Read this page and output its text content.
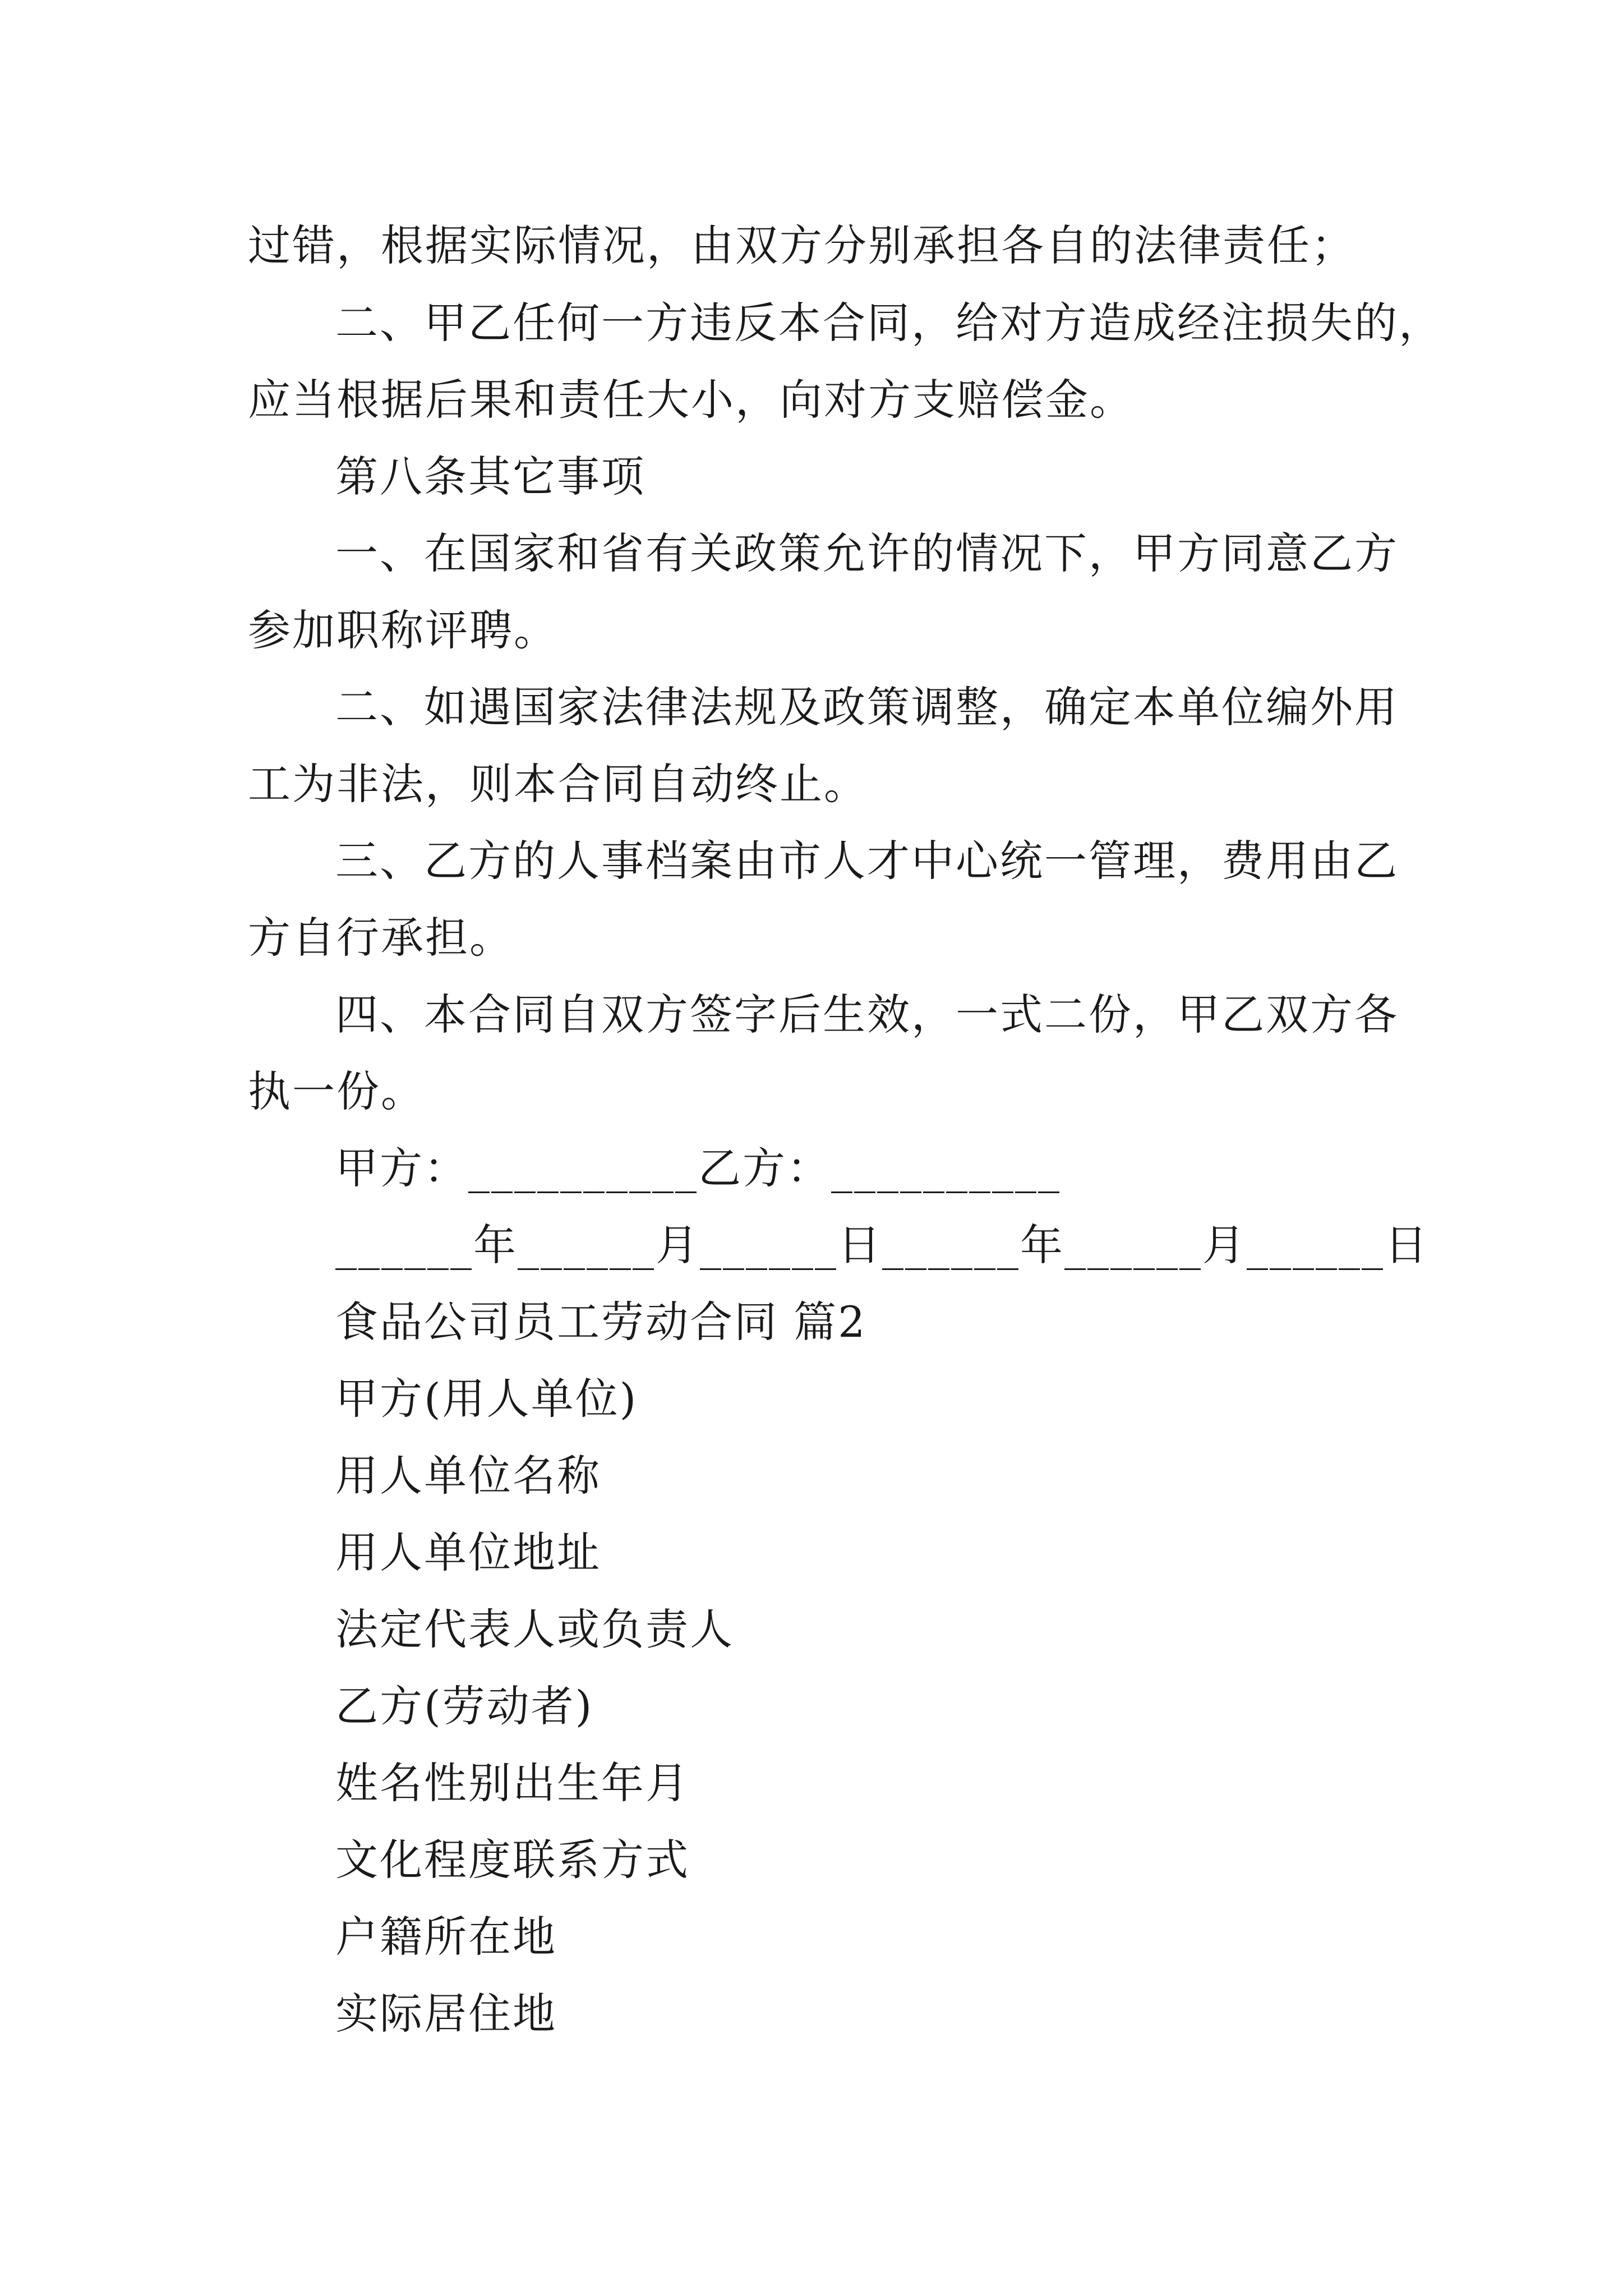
过错，根据实际情况，由双方分别承担各自的法律责任；
二、甲乙任何一方违反本合同，给对方造成经注损失的，
应当根据后果和责任大小，向对方支赔偿金。
第八条其它事项
一、在国家和省有关政策允许的情况下，甲方同意乙方
参加职称评聘。
二、如遇国家法律法规及政策调整，确定本单位编外用
工为非法，则本合同自动终止。
三、乙方的人事档案由市人才中心统一管理，费用由乙
方自行承担。
四、本合同自双方签字后生效，一式二份，甲乙双方各
执一份。
甲方：__________乙方：__________
______年______月______日______年______月______日
食品公司员工劳动合同 篇2
甲方(用人单位)
用人单位名称
用人单位地址
法定代表人或负责人
乙方(劳动者)
姓名性别出生年月
文化程度联系方式
户籍所在地
实际居住地
